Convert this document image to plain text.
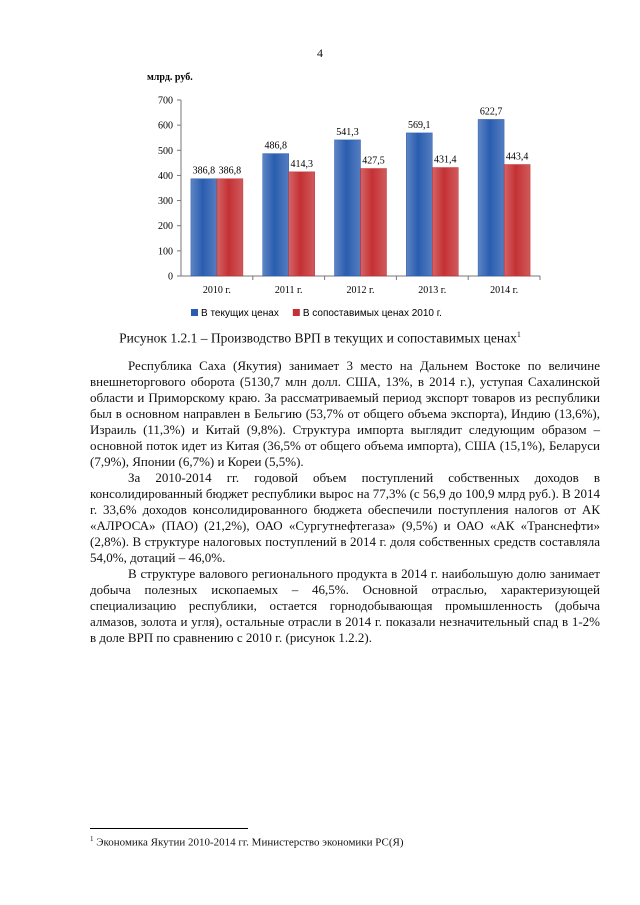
4
млрд. руб.
0
100
200
300
400
500
600
700
2010 г.
386,8 386,8
2011 г.
486,8
414,3
2012 г.
541,3
427,5
2013 г.
569,1
431,4
2014 г.
622,7
443,4
В текущих ценах В сопоставимых ценах 2010 г.
Рисунок 1.2.1 – Производство ВРП в текущих и сопоставимых ценах$^1$

Республика Саха (Якутия) занимает 3 место на Дальнем Востоке по величине внешнеторгового оборота (5130,7 млн долл. США, 13%, в 2014 г.), уступая Сахалинской области и Приморскому краю. За рассматриваемый период экспорт товаров из республики был в основном направлен в Бельгию (53,7% от общего объема экспорта), Индию (13,6%), Израиль (11,3%) и Китай (9,8%). Структура импорта выглядит следующим образом – основной поток идет из Китая (36,5% от общего объема импорта), США (15,1%), Беларуси (7,9%), Японии (6,7%) и Кореи (5,5%).

За 2010-2014 гг. годовой объем поступлений собственных доходов в консолидированный бюджет республики вырос на 77,3% (с 56,9 до 100,9 млрд руб.). В 2014 г. 33,6% доходов консолидированного бюджета обеспечили поступления налогов от АК «АЛРОСА» (ПАО) (21,2%), ОАО «Сургутнефтегаза» (9,5%) и ОАО «АК «Транснефти» (2,8%). В структуре налоговых поступлений в 2014 г. доля собственных средств составляла 54,0%, дотаций – 46,0%.

В структуре валового регионального продукта в 2014 г. наибольшую долю занимает добыча полезных ископаемых – 46,5%. Основной отраслью, характеризующей специализацию республики, остается горнодобывающая промышленность (добыча алмазов, золота и угля), остальные отрасли в 2014 г. показали незначительный спад в 1-2% в доле ВРП по сравнению с 2010 г. (рисунок 1.2.2).

$^1$ Экономика Якутии 2010-2014 гг. Министерство экономики РС(Я)
